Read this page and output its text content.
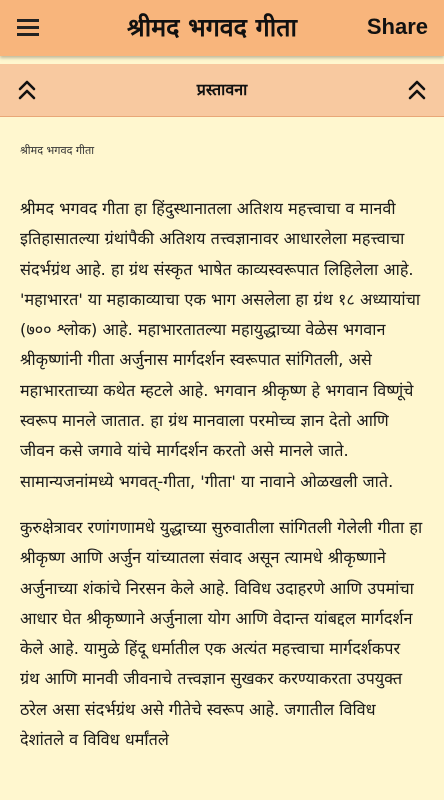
श्रीमद भगवद गीता	Share
प्रस्तावना

श्रीमद भगवद गीता

श्रीमद भगवद गीता हा हिंदुस्थानातला अतिशय महत्त्वाचा व मानवी इतिहासातल्या ग्रंथांपैकी अतिशय तत्त्वज्ञानावर आधारलेला महत्त्वाचा संदर्भग्रंथ आहे. हा ग्रंथ संस्कृत भाषेत काव्यस्वरूपात लिहिलेला आहे. 'महाभारत' या महाकाव्याचा एक भाग असलेला हा ग्रंथ १८ अध्यायांचा (७०० श्लोक) आहे. महाभारतातल्या महायुद्धाच्या वेळेस भगवान श्रीकृष्णांनी गीता अर्जुनास मार्गदर्शन स्वरूपात सांगितली, असे महाभारताच्या कथेत म्हटले आहे. भगवान श्रीकृष्ण हे भगवान विष्णूंचे स्वरूप मानले जातात. हा ग्रंथ मानवाला परमोच्च ज्ञान देतो आणि जीवन कसे जगावे यांचे मार्गदर्शन करतो असे मानले जाते. सामान्यजनांमध्ये भगवत्-गीता, 'गीता' या नावाने ओळखली जाते.

कुरुक्षेत्रावर रणांगणामधे युद्धाच्या सुरुवातीला सांगितली गेलेली गीता हा श्रीकृष्ण आणि अर्जुन यांच्यातला संवाद असून त्यामधे श्रीकृष्णाने अर्जुनाच्या शंकांचे निरसन केले आहे. विविध उदाहरणे आणि उपमांचा आधार घेत श्रीकृष्णाने अर्जुनाला योग आणि वेदान्त यांबद्दल मार्गदर्शन केले आहे. यामुळे हिंदू धर्मातील एक अत्यंत महत्त्वाचा मार्गदर्शकपर ग्रंथ आणि मानवी जीवनाचे तत्त्वज्ञान सुखकर करण्याकरता उपयुक्त ठरेल असा संदर्भग्रंथ असे गीतेचे स्वरूप आहे. जगातील विविध देशांतले व विविध धर्मांतले
